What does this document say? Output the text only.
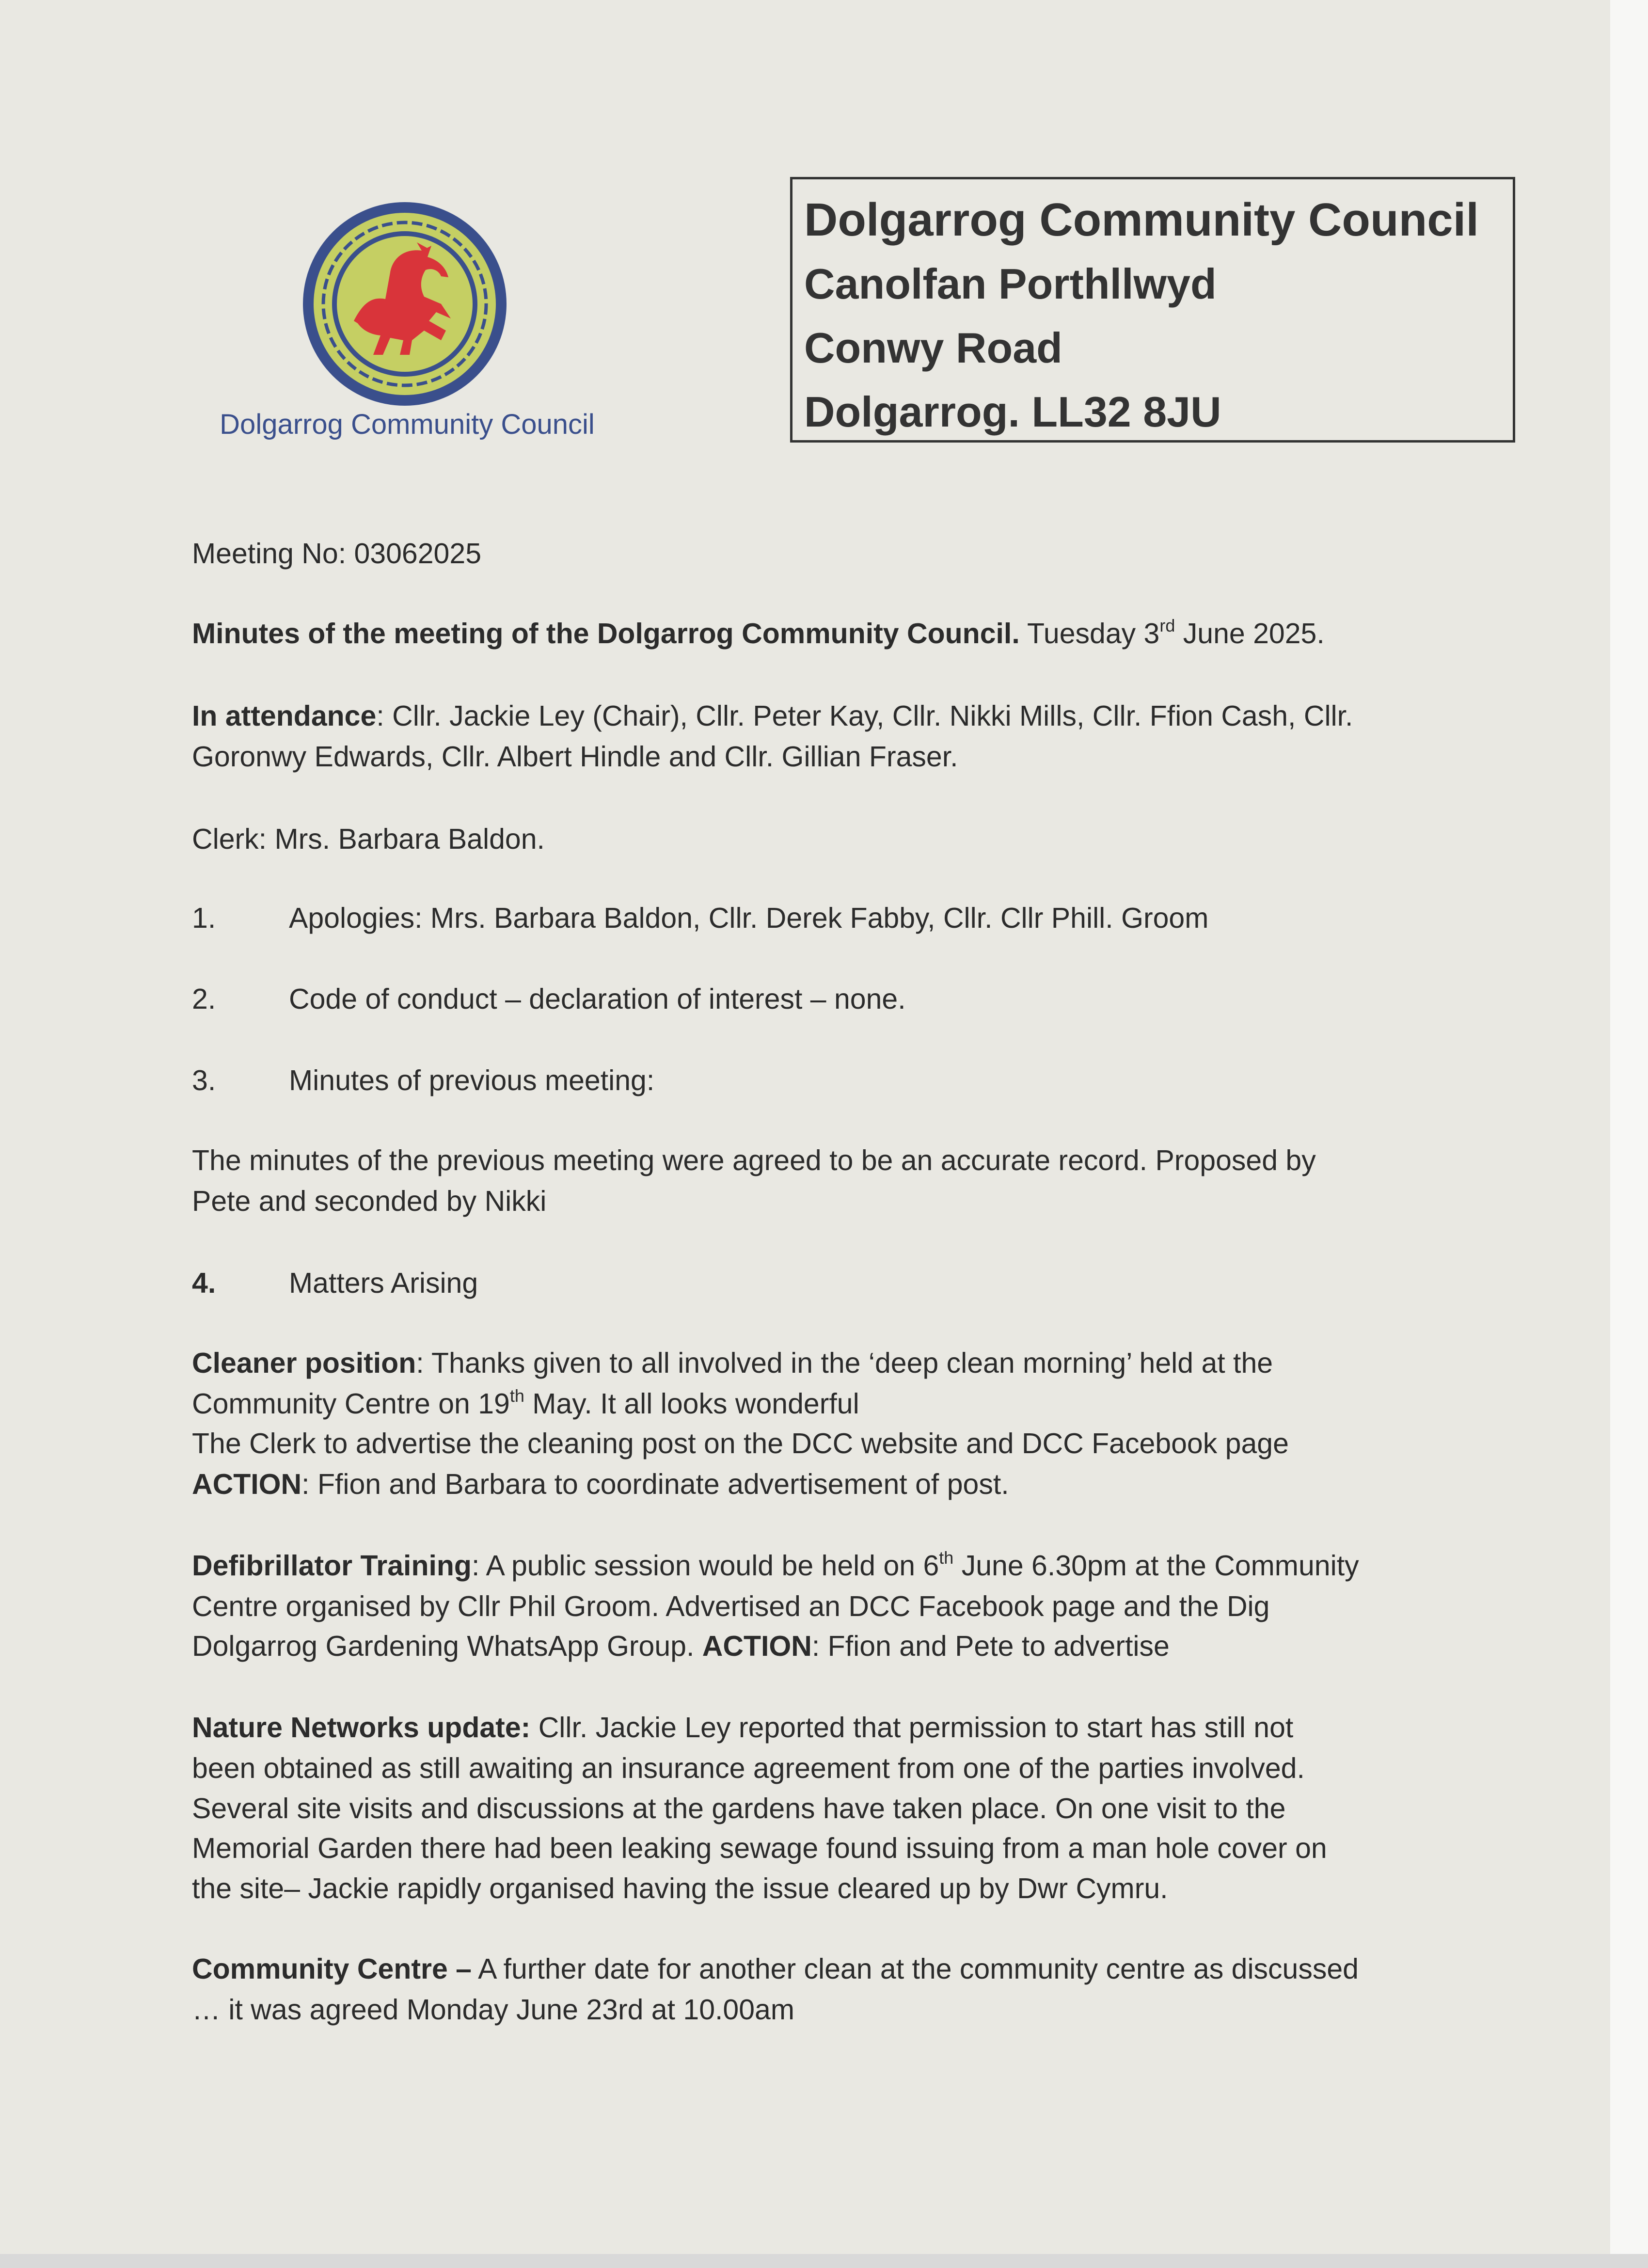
Dolgarrog Community Council
Dolgarrog Community Council
Canolfan Porthllwyd
Conwy Road
Dolgarrog. LL32 8JU
Meeting No: 03062025
Minutes of the meeting of the Dolgarrog Community Council. Tuesday 3rd June 2025.
In attendance: Cllr. Jackie Ley (Chair), Cllr. Peter Kay, Cllr. Nikki Mills, Cllr. Ffion Cash, Cllr.
Goronwy Edwards, Cllr. Albert Hindle and Cllr. Gillian Fraser.
Clerk: Mrs. Barbara Baldon.
1.	Apologies: Mrs. Barbara Baldon, Cllr. Derek Fabby, Cllr. Cllr Phill. Groom
2.	Code of conduct – declaration of interest – none.
3.	Minutes of previous meeting:
The minutes of the previous meeting were agreed to be an accurate record. Proposed by
Pete and seconded by Nikki
4.	Matters Arising
Cleaner position: Thanks given to all involved in the ‘deep clean morning’ held at the
Community Centre on 19th May. It all looks wonderful
The Clerk to advertise the cleaning post on the DCC website and DCC Facebook page
ACTION: Ffion and Barbara to coordinate advertisement of post.
Defibrillator Training: A public session would be held on 6th June 6.30pm at the Community
Centre organised by Cllr Phil Groom. Advertised an DCC Facebook page and the Dig
Dolgarrog Gardening WhatsApp Group. ACTION: Ffion and Pete to advertise
Nature Networks update: Cllr. Jackie Ley reported that permission to start has still not
been obtained as still awaiting an insurance agreement from one of the parties involved.
Several site visits and discussions at the gardens have taken place. On one visit to the
Memorial Garden there had been leaking sewage found issuing from a man hole cover on
the site– Jackie rapidly organised having the issue cleared up by Dwr Cymru.
Community Centre – A further date for another clean at the community centre as discussed
… it was agreed Monday June 23rd at 10.00am
